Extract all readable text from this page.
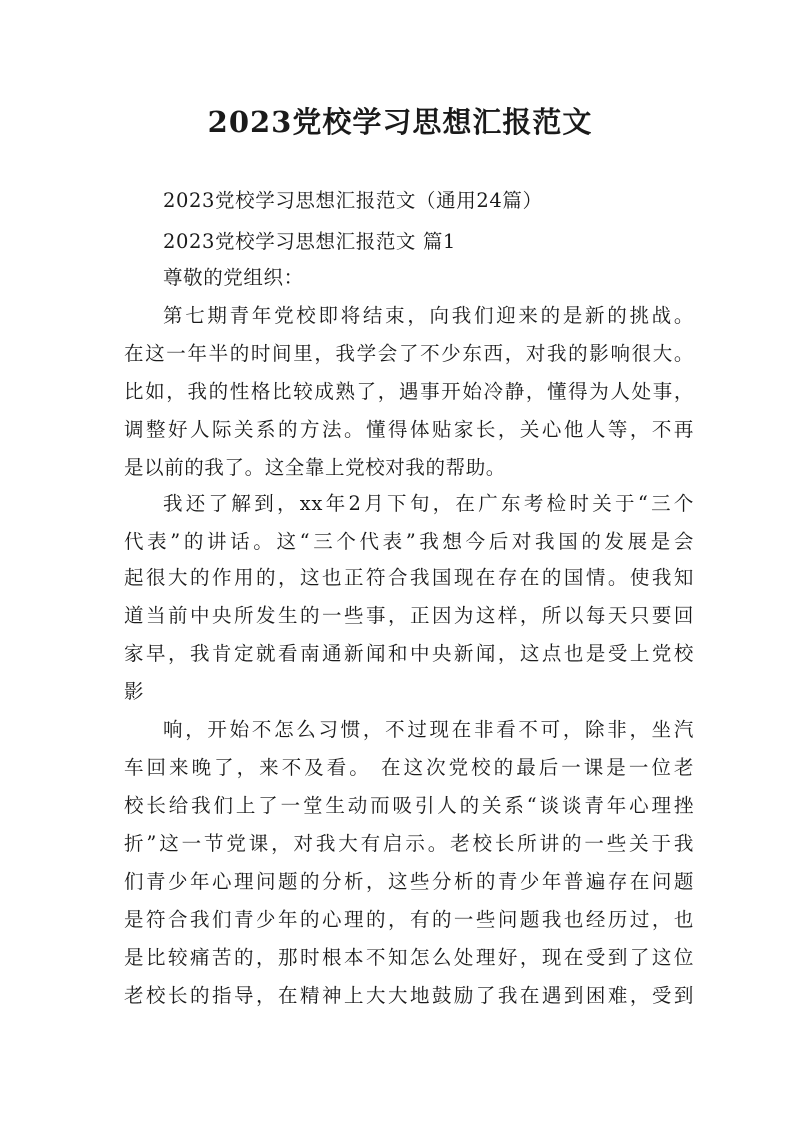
2023党校学习思想汇报范文
2023党校学习思想汇报范文（通用24篇）
2023党校学习思想汇报范文 篇1
尊敬的党组织：
第七期青年党校即将结束，向我们迎来的是新的挑战。
在这一年半的时间里，我学会了不少东西，对我的影响很大。
比如，我的性格比较成熟了，遇事开始冷静，懂得为人处事，
调整好人际关系的方法。懂得体贴家长，关心他人等，不再
是以前的我了。这全靠上党校对我的帮助。
我还了解到，xx年2月下旬，在广东考检时关于“三个
代表”的讲话。这“三个代表”我想今后对我国的发展是会
起很大的作用的，这也正符合我国现在存在的国情。使我知
道当前中央所发生的一些事，正因为这样，所以每天只要回
家早，我肯定就看南通新闻和中央新闻，这点也是受上党校
影
响，开始不怎么习惯，不过现在非看不可，除非，坐汽
车回来晚了，来不及看。 在这次党校的最后一课是一位老
校长给我们上了一堂生动而吸引人的关系“谈谈青年心理挫
折”这一节党课，对我大有启示。老校长所讲的一些关于我
们青少年心理问题的分析，这些分析的青少年普遍存在问题
是符合我们青少年的心理的，有的一些问题我也经历过，也
是比较痛苦的，那时根本不知怎么处理好，现在受到了这位
老校长的指导，在精神上大大地鼓励了我在遇到困难，受到
